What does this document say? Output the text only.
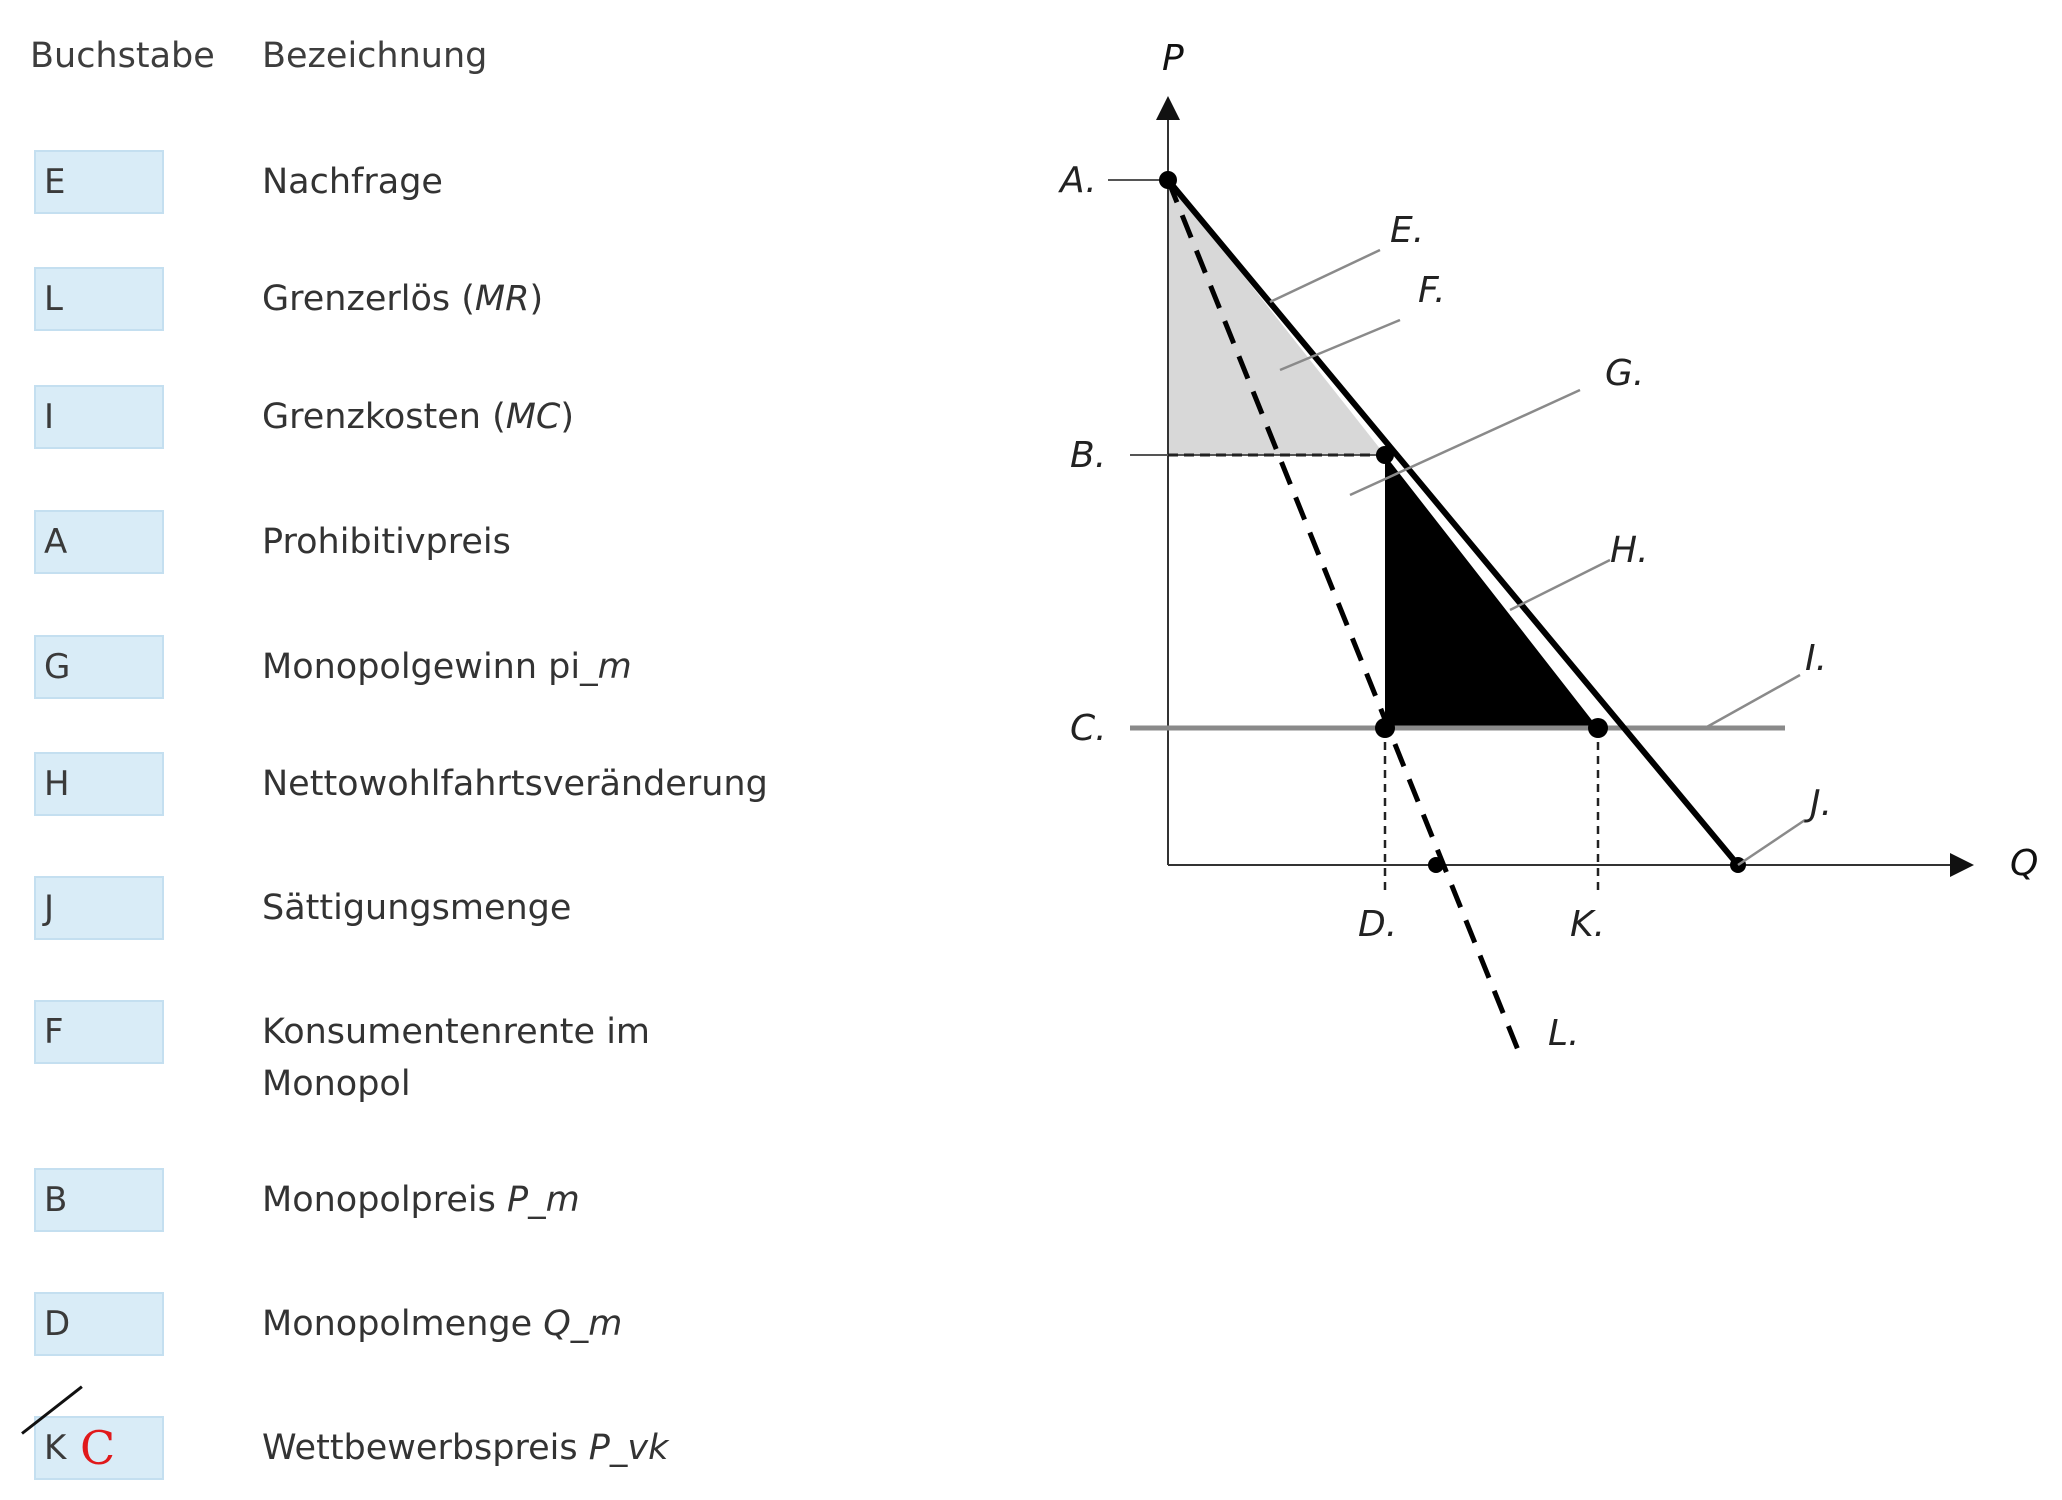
Buchstabe Bezeichnung
E	Nachfrage
L	Grenzerlös (MR)
I	Grenzkosten (MC)
A	Prohibitivpreis
G	Monopolgewinn pi_m
H	Nettowohlfahrtsveränderung
J	Sättigungsmenge
F	Konsumentenrente im
Monopol
B	Monopolpreis P_m
D	Monopolmenge Q_m
K C	Wettbewerbspreis P_vk
P
Q
A.
B.
C.
D.	K.
L.
E.
F.
G.
H.
I.
J.
